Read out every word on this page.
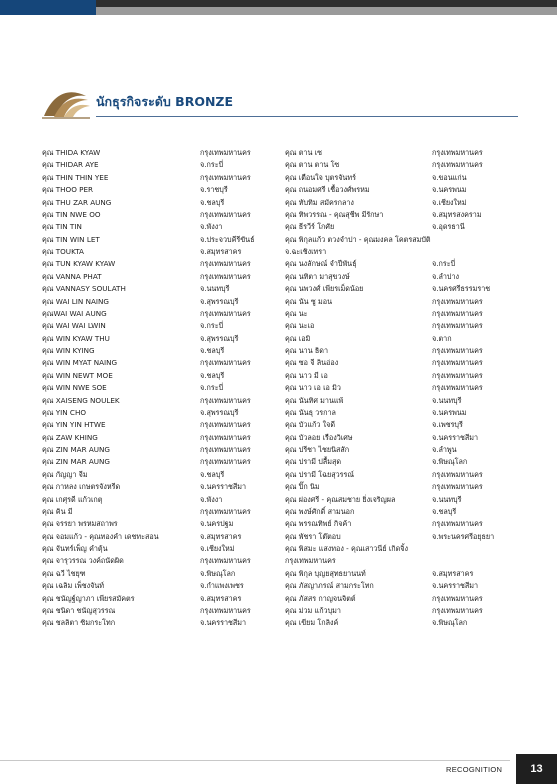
นักธุรกิจระดับ BRONZE
คุณ THIDA KYAW	กรุงเทพมหานคร	คุณ ตาน เซ	กรุงเทพมหานคร
คุณ THIDAR AYE	จ.กระบี่	คุณ ตาน ตาน โซ	กรุงเทพมหานคร
คุณ THIN THIN YEE	กรุงเทพมหานคร	คุณ เตือนใจ บุตรจันทร์	จ.ขอนแก่น
คุณ THOO PER	จ.ราชบุรี	คุณ ถนอมศรี เชื้อวงศ์พรหม	จ.นครพนม
คุณ THU ZAR AUNG	จ.ชลบุรี	คุณ ทับทิม สมัครกลาง	จ.เชียงใหม่
คุณ TIN NWE OO	กรุงเทพมหานคร	คุณ ทิพวรรณ - คุณสุชีพ มีรักษา	จ.สมุทรสงคราม
คุณ TIN TIN	จ.พังงา	คุณ ธีรวีร์ โกศัย	จ.อุดรธานี
คุณ TIN WIN LET	จ.ประจวบคีรีขันธ์	คุณ พิกุลแก้ว ตวงจำปา - คุณมงคล โคตรสมบัติ
คุณ TOUKTA	จ.สมุทรสาคร	จ.ฉะเชิงเทรา
คุณ TUN KYAW KYAW	กรุงเทพมหานคร	คุณ นงลักษณ์ จำปีพันธุ์	จ.กระบี่
คุณ VANNA PHAT	กรุงเทพมหานคร	คุณ นทิตา มาสุขวงษ์	จ.ลำปาง
คุณ VANNASY SOULATH	จ.นนทบุรี	คุณ นพวงศ์ เพียรเม็ดน้อย	จ.นครศรีธรรมราช
คุณ WAI LIN NAING	จ.สุพรรณบุรี	คุณ นัน ซู มอน	กรุงเทพมหานคร
คุณWAI WAI AUNG	กรุงเทพมหานคร	คุณ นะ	กรุงเทพมหานคร
คุณ WAI WAI LWIN	จ.กระบี่	คุณ นะเอ	กรุงเทพมหานคร
คุณ WIN KYAW THU	จ.สุพรรณบุรี	คุณ เอมิ	จ.ตาก
คุณ WIN KYING	จ.ชลบุรี	คุณ นาน ธิดา	กรุงเทพมหานคร
คุณ WIN MYAT NAING	กรุงเทพมหานคร	คุณ ซอ จี ลินอ่อง	กรุงเทพมหานคร
คุณ WIN NEWT MOE	จ.ชลบุรี	คุณ นาว มี เอ	กรุงเทพมหานคร
คุณ WIN NWE SOE	จ.กระบี่	คุณ นาว เอ เอ มิว	กรุงเทพมหานคร
คุณ XAISENG NOULEK	กรุงเทพมหานคร	คุณ นันทิศ มานแพ้	จ.นนทบุรี
คุณ YIN CHO	จ.สุพรรณบุรี	คุณ นันธุ วรกาล	จ.นครพนม
คุณ YIN YIN HTWE	กรุงเทพมหานคร	คุณ บัวแก้ว ใจดี	จ.เพชรบุรี
คุณ ZAW KHING	กรุงเทพมหานคร	คุณ บัวลอย เรืองวิเศษ	จ.นครราชสีมา
คุณ ZIN MAR AUNG	กรุงเทพมหานคร	คุณ ปรีชา ไชยนิสสัก	จ.ลำพูน
คุณ ZIN MAR AUNG	กรุงเทพมหานคร	คุณ ปรามี ปลื้มสุด	จ.พิษณุโลก
คุณ กัญญา จีม	จ.ชลบุรี	คุณ ปรามี โฉยสุวรรณ์	กรุงเทพมหานคร
คุณ กาหลง เกษตรจังหรีด	จ.นครราชสีมา	คุณ ปิ๊ก นิม	กรุงเทพมหานคร
คุณ เกศุรดี แก้วเกตุ	จ.พังงา	คุณ ผ่องศรี - คุณสมชาย ยิ่งเจริญผล	จ.นนทบุรี
คุณ คิน มี	กรุงเทพมหานคร	คุณ พงษ์ศักดิ์ สามนอก	จ.ชลบุรี
คุณ จรรยา พรหมสถาพร	จ.นครปฐม	คุณ พรรณทิพย์ กิจค้า	กรุงเทพมหานคร
คุณ จอมแก้ว - คุณทองคำ เดชทะสอน	จ.สมุทรสาคร	คุณ พัชรา โต๊ตอบ	จ.พระนครศรีอยุธยา
คุณ จันทร์เพ็ญ คำตุ้น	จ.เชียงใหม่	คุณ พิสมะ แสงทอง - คุณเสาวนีย์ เกิดจิ้ง
คุณ จารุวรรณ วงค์ถนัดผิด	กรุงเทพมหานคร	กรุงเทพมหานคร
คุณ ฉวี ไชยุฑ	จ.พิษณุโลก	คุณ พิกุล บุญยสุทธยานนท์	จ.สมุทรสาคร
คุณ เฉลิม เพ็ชงจันท์	จ.กำแพงเพชร	คุณ ภัสญาภรณ์ สามกระโทก	จ.นครราชสีมา
คุณ ชนัญฐ์ญาภา เพียรสมัคตร	จ.สมุทรสาคร	คุณ ภัสสร กาญจนจิตต์	กรุงเทพมหานคร
คุณ ชนิดา ชนัญสุวรรณ	กรุงเทพมหานคร	คุณ ม่วม แก้วบุมา	กรุงเทพมหานคร
คุณ ชลลิตา ซิมกระโทก	จ.นครราชสีมา	คุณ เขียม โกลิงค์	จ.พิษณุโลก
RECOGNITION	13
